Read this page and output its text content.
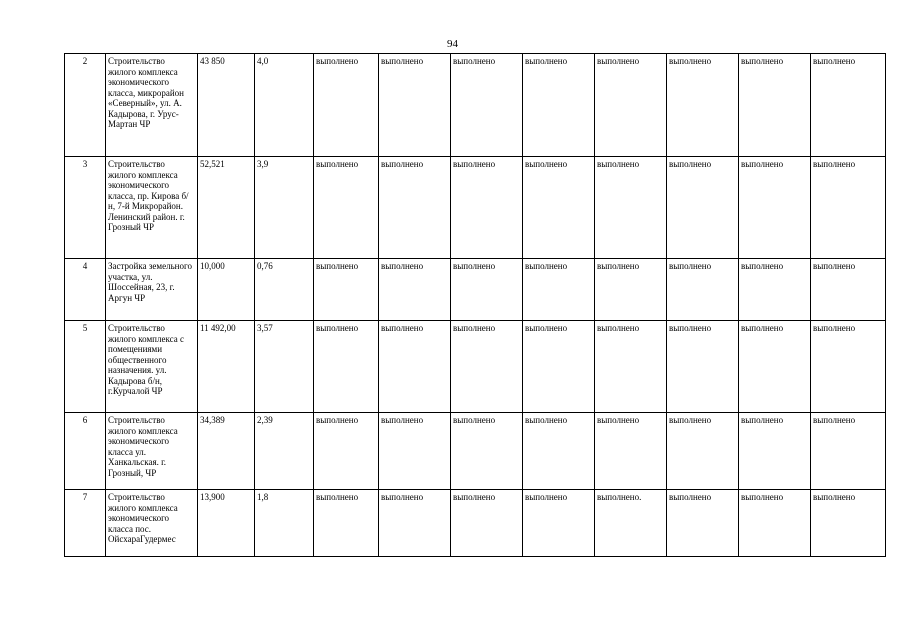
94
2	Строительство жилого комплекса экономического класса, микрорайон «Северный», ул. А. Кадырова, г. Урус-Мартан ЧР	43 850	4,0	выполнено	выполнено	выполнено	выполнено	выполнено	выполнено	выполнено	выполнено
3	Строительство жилого комплекса экономического класса, пр. Кирова б/н, 7-й Микрорайон. Ленинский район. г. Грозный ЧР	52,521	3,9	выполнено	выполнено	выполнено	выполнено	выполнено	выполнено	выполнено	выполнено
4	Застройка земельного участка, ул. Шоссейная, 23, г. Аргун ЧР	10,000	0,76	выполнено	выполнено	выполнено	выполнено	выполнено	выполнено	выполнено	выполнено
5	Строительство жилого комплекса с помещениями общественного назначения. ул. Кадырова б/н, г.Курчалой ЧР	11 492,00	3,57	выполнено	выполнено	выполнено	выполнено	выполнено	выполнено	выполнено	выполнено
6	Строительство жилого комплекса экономического класса ул. Ханкальская. г. Грозный, ЧР	34,389	2,39	выполнено	выполнено	выполнено	выполнено	выполнено	выполнено	выполнено	выполнено
7	Строительство жилого комплекса экономического класса пос. ОйсхараГудермес	13,900	1,8	выполнено	выполнено	выполнено	выполнено	выполнено.	выполнено	выполнено	выполнено
